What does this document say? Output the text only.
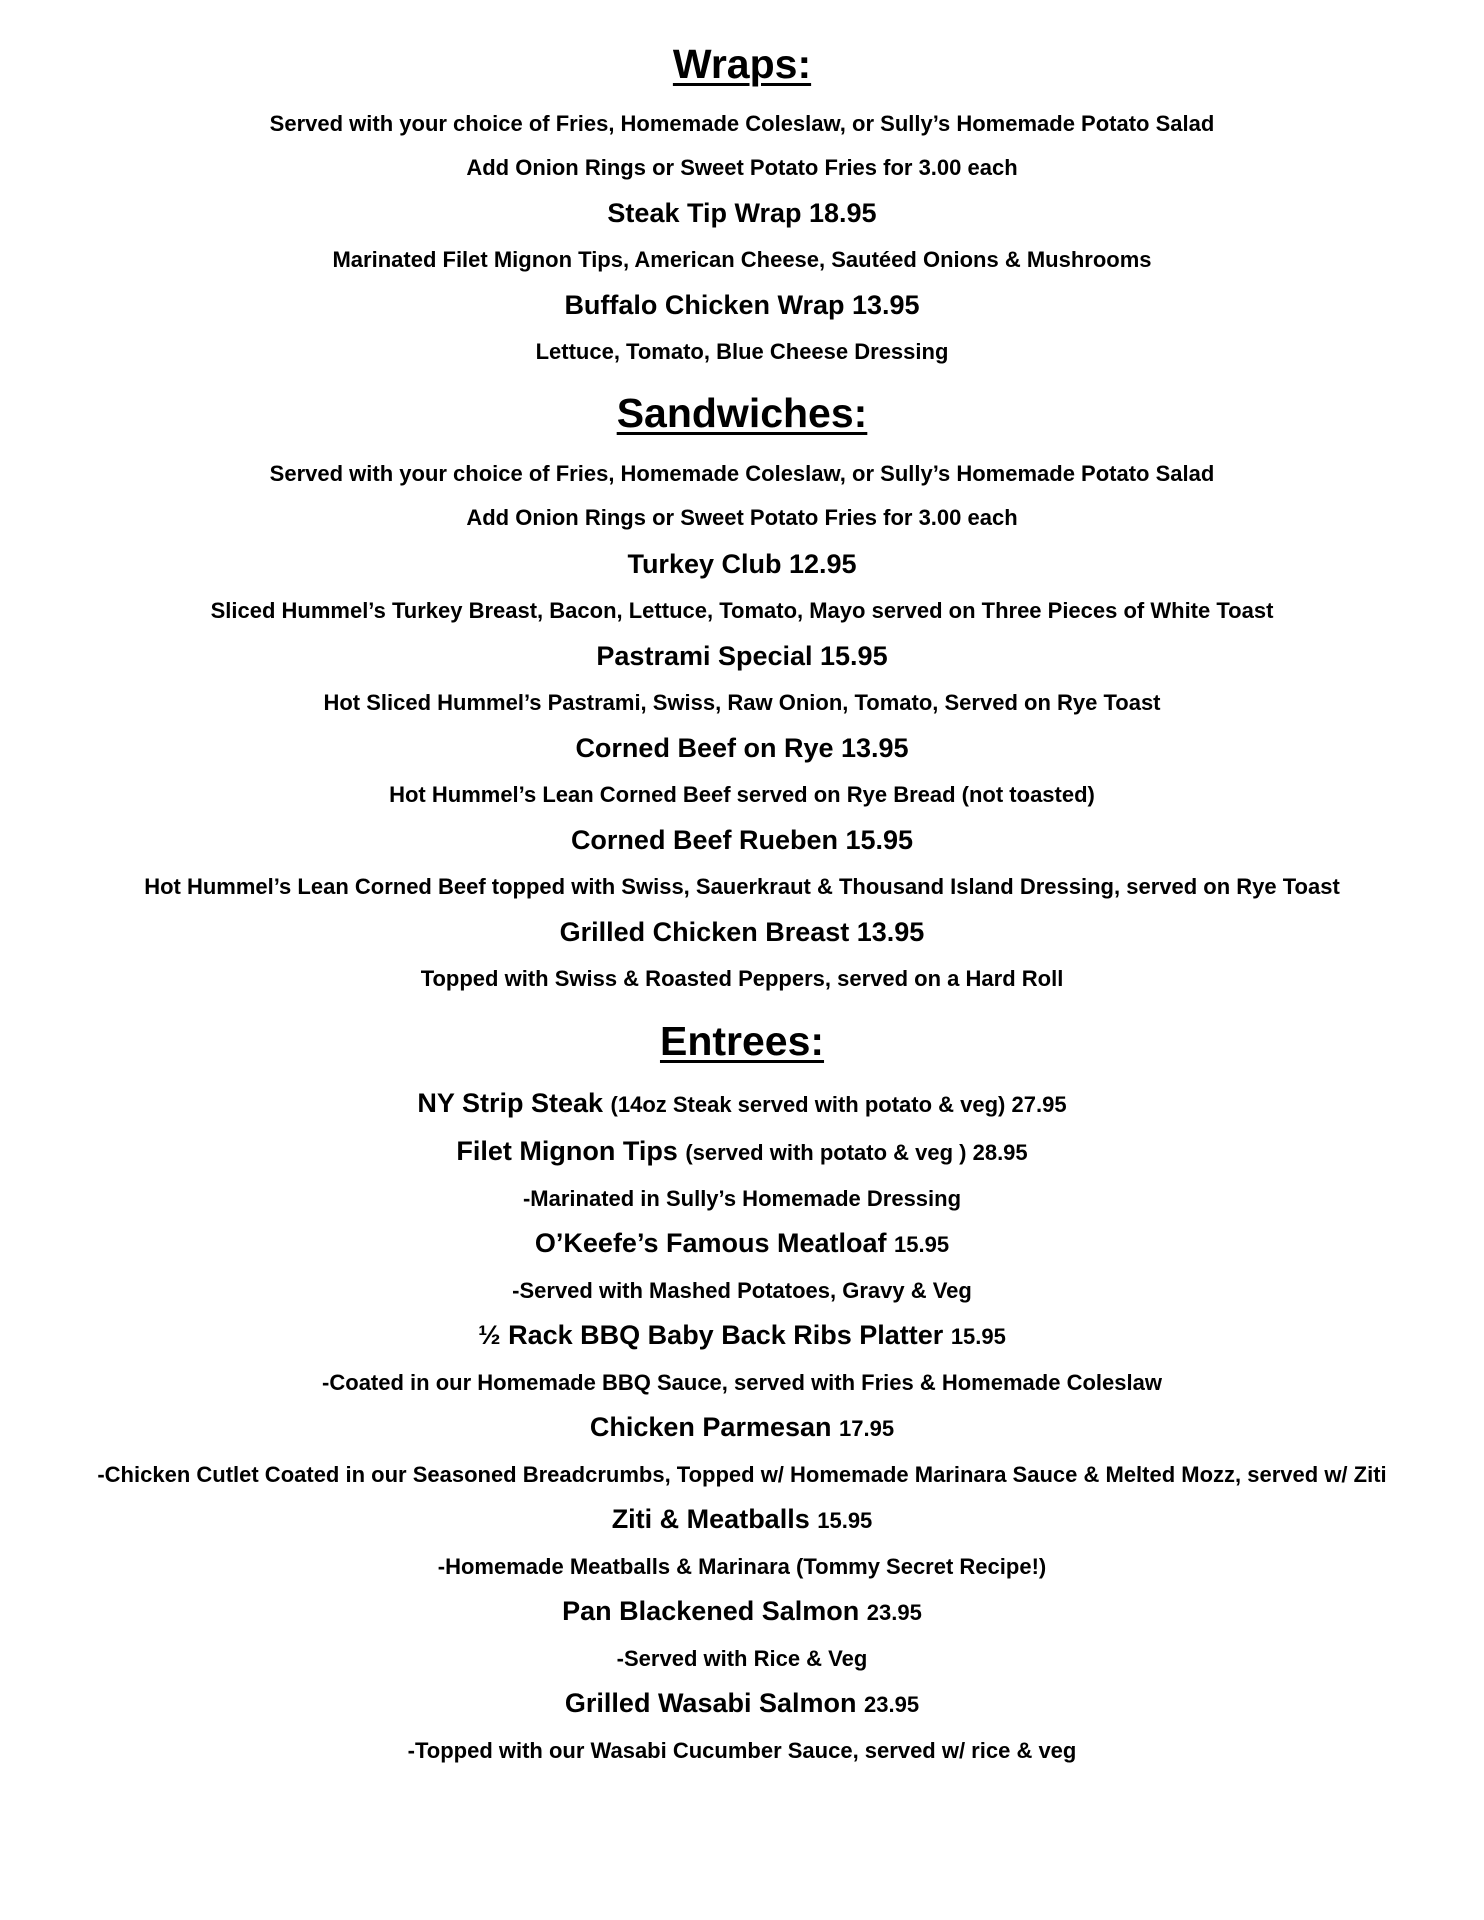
Wraps:
Served with your choice of Fries, Homemade Coleslaw, or Sully’s Homemade Potato Salad
Add Onion Rings or Sweet Potato Fries for 3.00 each
Steak Tip Wrap 18.95
Marinated Filet Mignon Tips, American Cheese, Sautéed Onions & Mushrooms
Buffalo Chicken Wrap 13.95
Lettuce, Tomato, Blue Cheese Dressing
Sandwiches:
Served with your choice of Fries, Homemade Coleslaw, or Sully’s Homemade Potato Salad
Add Onion Rings or Sweet Potato Fries for 3.00 each
Turkey Club 12.95
Sliced Hummel’s Turkey Breast, Bacon, Lettuce, Tomato, Mayo served on Three Pieces of White Toast
Pastrami Special 15.95
Hot Sliced Hummel’s Pastrami, Swiss, Raw Onion, Tomato, Served on Rye Toast
Corned Beef on Rye 13.95
Hot Hummel’s Lean Corned Beef served on Rye Bread (not toasted)
Corned Beef Rueben 15.95
Hot Hummel’s Lean Corned Beef topped with Swiss, Sauerkraut & Thousand Island Dressing, served on Rye Toast
Grilled Chicken Breast 13.95
Topped with Swiss & Roasted Peppers, served on a Hard Roll
Entrees:
NY Strip Steak (14oz Steak served with potato & veg) 27.95
Filet Mignon Tips (served with potato & veg ) 28.95
-Marinated in Sully’s Homemade Dressing
O’Keefe’s Famous Meatloaf 15.95
-Served with Mashed Potatoes, Gravy & Veg
½ Rack BBQ Baby Back Ribs Platter 15.95
-Coated in our Homemade BBQ Sauce, served with Fries & Homemade Coleslaw
Chicken Parmesan 17.95
-Chicken Cutlet Coated in our Seasoned Breadcrumbs, Topped w/ Homemade Marinara Sauce & Melted Mozz, served w/ Ziti
Ziti & Meatballs 15.95
-Homemade Meatballs & Marinara (Tommy Secret Recipe!)
Pan Blackened Salmon 23.95
-Served with Rice & Veg
Grilled Wasabi Salmon 23.95
-Topped with our Wasabi Cucumber Sauce, served w/ rice & veg
